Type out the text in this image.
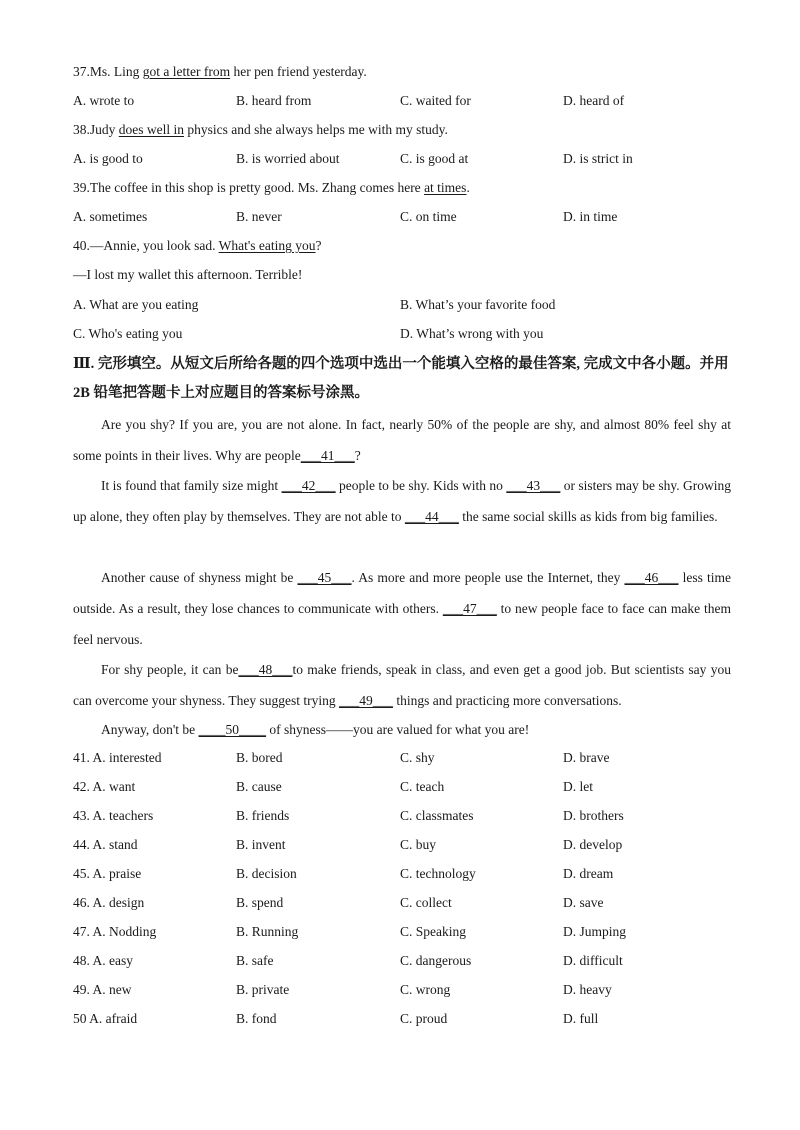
37.Ms. Ling got a letter from her pen friend yesterday.
A. wrote to	B. heard from	C. waited for	D. heard of
38.Judy does well in physics and she always helps me with my study.
A. is good to	B. is worried about	C. is good at	D. is strict in
39.The coffee in this shop is pretty good. Ms. Zhang comes here at times.
A. sometimes	B. never	C. on time	D. in time
40.—Annie, you look sad. What's eating you?
—I lost my wallet this afternoon. Terrible!
A. What are you eating	B. What’s your favorite food
C. Who's eating you	D. What’s wrong with you
Ⅲ. 完形填空。从短文后所给各题的四个选项中选出一个能填入空格的最佳答案, 完成文中各小题。并用 2B 铅笔把答题卡上对应题目的答案标号涂黑。
Are you shy? If you are, you are not alone. In fact, nearly 50% of the people are shy, and almost 80% feel shy at some points in their lives. Why are people___41___?
It is found that family size might ___42___ people to be shy. Kids with no ___43___ or sisters may be shy. Growing up alone, they often play by themselves. They are not able to ___44___ the same social skills as kids from big families.
Another cause of shyness might be ___45___. As more and more people use the Internet, they ___46___ less time outside. As a result, they lose chances to communicate with others. ___47___ to new people face to face can make them feel nervous.
For shy people, it can be___48___to make friends, speak in class, and even get a good job. But scientists say you can overcome your shyness. They suggest trying ___49___ things and practicing more conversations.
Anyway, don't be ____50____ of shyness——you are valued for what you are!
41. A. interested	B. bored	C. shy	D. brave
42. A. want	B. cause	C. teach	D. let
43. A. teachers	B. friends	C. classmates	D. brothers
44. A. stand	B. invent	C. buy	D. develop
45. A. praise	B. decision	C. technology	D. dream
46. A. design	B. spend	C. collect	D. save
47. A. Nodding	B. Running	C. Speaking	D. Jumping
48. A. easy	B. safe	C. dangerous	D. difficult
49. A. new	B. private	C. wrong	D. heavy
50 A. afraid	B. fond	C. proud	D. full
